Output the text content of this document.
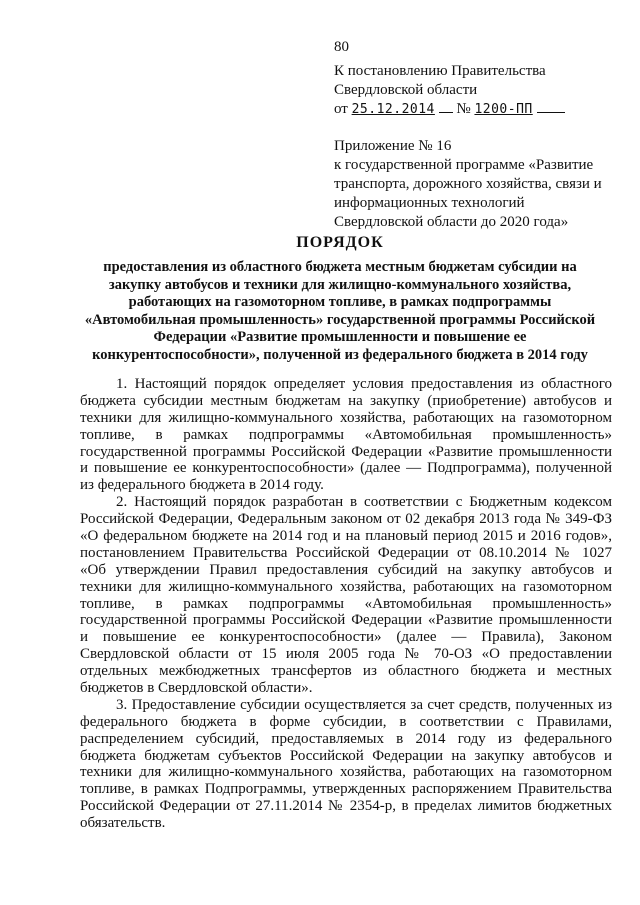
80
К постановлению Правительства
Свердловской области
от 25.12.2014 № 1200-ПП
Приложение № 16
к государственной программе «Развитие
транспорта, дорожного хозяйства, связи и
информационных технологий
Свердловской области до 2020 года»
ПОРЯДОК
предоставления из областного бюджета местным бюджетам субсидии на
закупку автобусов и техники для жилищно-коммунального хозяйства,
работающих на газомоторном топливе, в рамках подпрограммы
«Автомобильная промышленность» государственной программы Российской
Федерации «Развитие промышленности и повышение ее
конкурентоспособности», полученной из федерального бюджета в 2014 году
1. Настоящий порядок определяет условия предоставления из областного
бюджета субсидии местным бюджетам на закупку (приобретение) автобусов и
техники для жилищно-коммунального хозяйства, работающих на газомоторном
топливе, в рамках подпрограммы «Автомобильная промышленность»
государственной программы Российской Федерации «Развитие промышленности
и повышение ее конкурентоспособности» (далее — Подпрограмма), полученной
из федерального бюджета в 2014 году.
2. Настоящий порядок разработан в соответствии с Бюджетным кодексом
Российской Федерации, Федеральным законом от 02 декабря 2013 года № 349-ФЗ
«О федеральном бюджете на 2014 год и на плановый период 2015 и 2016 годов»,
постановлением Правительства Российской Федерации от 08.10.2014 № 1027
«Об утверждении Правил предоставления субсидий на закупку автобусов и
техники для жилищно-коммунального хозяйства, работающих на газомоторном
топливе, в рамках подпрограммы «Автомобильная промышленность»
государственной программы Российской Федерации «Развитие промышленности
и повышение ее конкурентоспособности» (далее — Правила), Законом
Свердловской области от 15 июля 2005 года № 70-ОЗ «О предоставлении
отдельных межбюджетных трансфертов из областного бюджета и местных
бюджетов в Свердловской области».
3. Предоставление субсидии осуществляется за счет средств, полученных из
федерального бюджета в форме субсидии, в соответствии с Правилами,
распределением субсидий, предоставляемых в 2014 году из федерального
бюджета бюджетам субъектов Российской Федерации на закупку автобусов и
техники для жилищно-коммунального хозяйства, работающих на газомоторном
топливе, в рамках Подпрограммы, утвержденных распоряжением Правительства
Российской Федерации от 27.11.2014 № 2354-р, в пределах лимитов бюджетных
обязательств.
